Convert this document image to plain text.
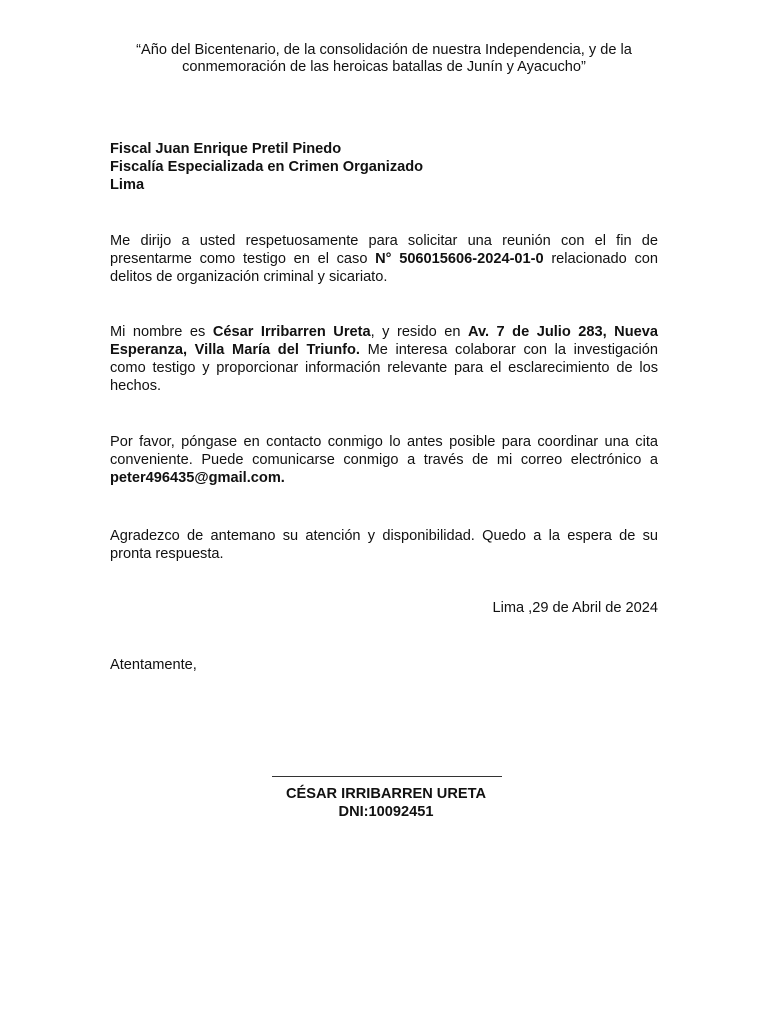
“Año del Bicentenario, de la consolidación de nuestra Independencia, y de la
conmemoración de las heroicas batallas de Junín y Ayacucho”
Fiscal Juan Enrique Pretil Pinedo
Fiscalía Especializada en Crimen Organizado
Lima
Me dirijo a usted respetuosamente para solicitar una reunión con el fin de presentarme como testigo en el caso N° 506015606-2024-01-0 relacionado con delitos de organización criminal y sicariato.
Mi nombre es César Irribarren Ureta, y resido en Av. 7 de Julio 283, Nueva Esperanza, Villa María del Triunfo. Me interesa colaborar con la investigación como testigo y proporcionar información relevante para el esclarecimiento de los hechos.
Por favor, póngase en contacto conmigo lo antes posible para coordinar una cita conveniente. Puede comunicarse conmigo a través de mi correo electrónico a peter496435@gmail.com.
Agradezco de antemano su atención y disponibilidad. Quedo a la espera de su pronta respuesta.
Lima ,29 de Abril de 2024
Atentamente,
CÉSAR IRRIBARREN URETA
DNI:10092451
